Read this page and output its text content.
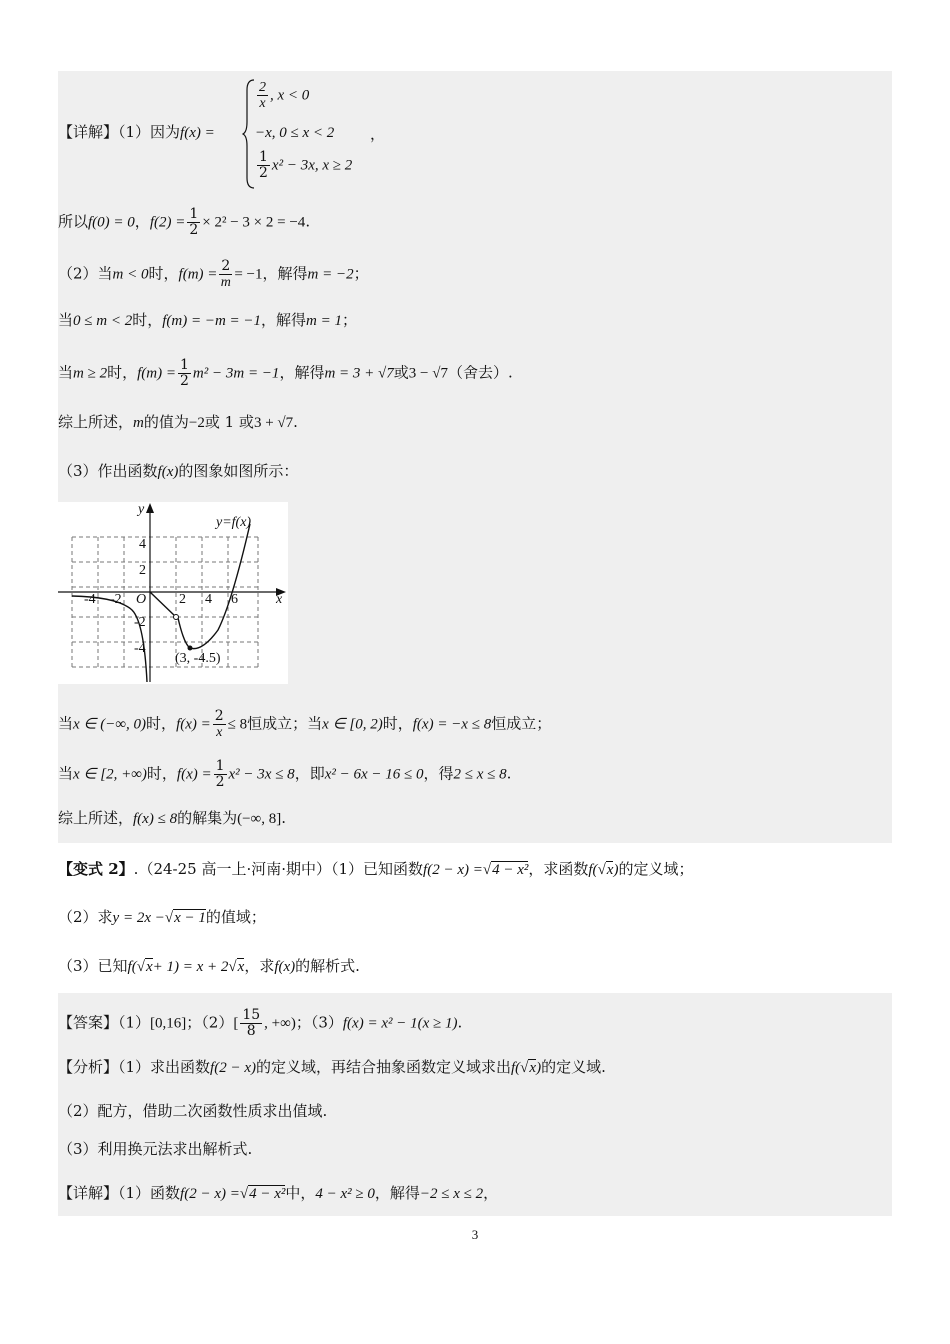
【详解】（1）因为f(x) =
$\frac{2}{x}$ , x < 0
−x, 0 ≤ x < 2
$\frac{1}{2} x^2 - 3x$, x ≥ 2
，
所以f(0) = 0，$f(2) = \frac{1}{2} \times 2^2 - 3 \times 2 = -4$.
（2）当m < 0时，$f(m) = \frac{2}{m} = -1$，解得m = −2；
当0 ≤ m < 2时，f(m) = −m = −1，解得m = 1；
当m ≥ 2时，$f(m) = \frac{1}{2} m^2 - 3m = -1$，解得m = 3 + √7或3 − √7（舍去）.
综上所述，m的值为−2或 1 或3 + √7.
（3）作出函数f(x)的图象如图所示：
y=f(x)
y
x
O
-4 -2	2 4 6
4
2
-2
-4
(3, -4.5)
当x ∈ (−∞, 0)时，$f(x) = \frac{2}{x} \le 8$恒成立；当x ∈ [0, 2)时，f(x) = −x ≤ 8恒成立；
当x ∈ [2, +∞)时，$f(x) = \frac{1}{2} x^2 - 3x \le 8$，即x² − 6x − 16 ≤ 0，得2 ≤ x ≤ 8.
综上所述，f(x) ≤ 8的解集为(−∞, 8].
【变式 2】.（24-25 高一上·河南·期中）（1）已知函数f(2 − x) =√4 − x²，求函数f(√x)的定义域；
（2）求y = 2x −√x − 1的值域；
（3）已知f(√x+ 1) = x + 2√x，求f(x)的解析式.
【答案】（1）[0,16]；$(2)[ \frac{15}{8}$ , +∞)；（3）f(x) = x² − 1(x ≥ 1).
【分析】（1）求出函数f(2 − x)的定义域，再结合抽象函数定义域求出f(√x)的定义域.
（2）配方，借助二次函数性质求出值域.
（3）利用换元法求出解析式.
【详解】（1）函数f(2 − x) =√4 − x²中，4 − x² ≥ 0，解得−2 ≤ x ≤ 2，
3
